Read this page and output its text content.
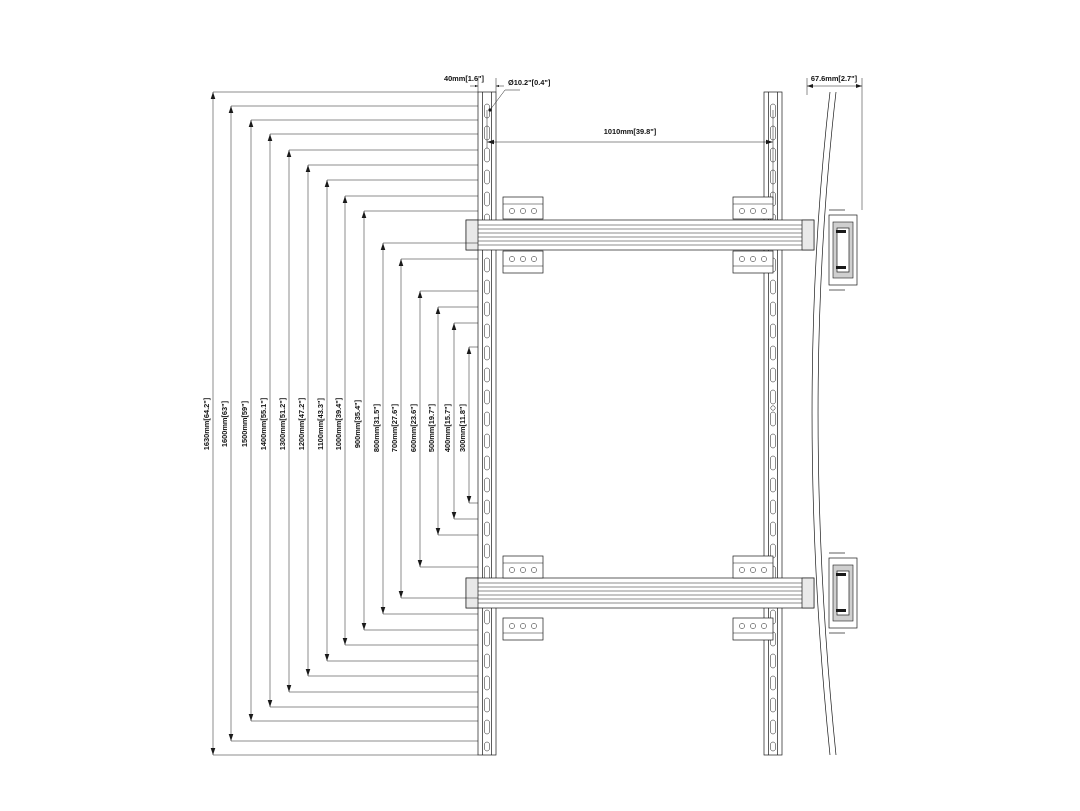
40mm[1.6"]	Ø10.2"[0.4"]	67.6mm[2.7"]
1010mm[39.8"]
1630mm[64.2"] 1600mm[63"] 1500mm[59"] 1400mm[55.1"] 1300mm[51.2"] 1200mm[47.2"] 1100mm[43.3"] 1000mm[39.4"] 900mm[35.4"] 800mm[31.5"] 700mm[27.6"] 600mm[23.6"] 500mm[19.7"] 400mm[15.7"] 300mm[11.8"]
